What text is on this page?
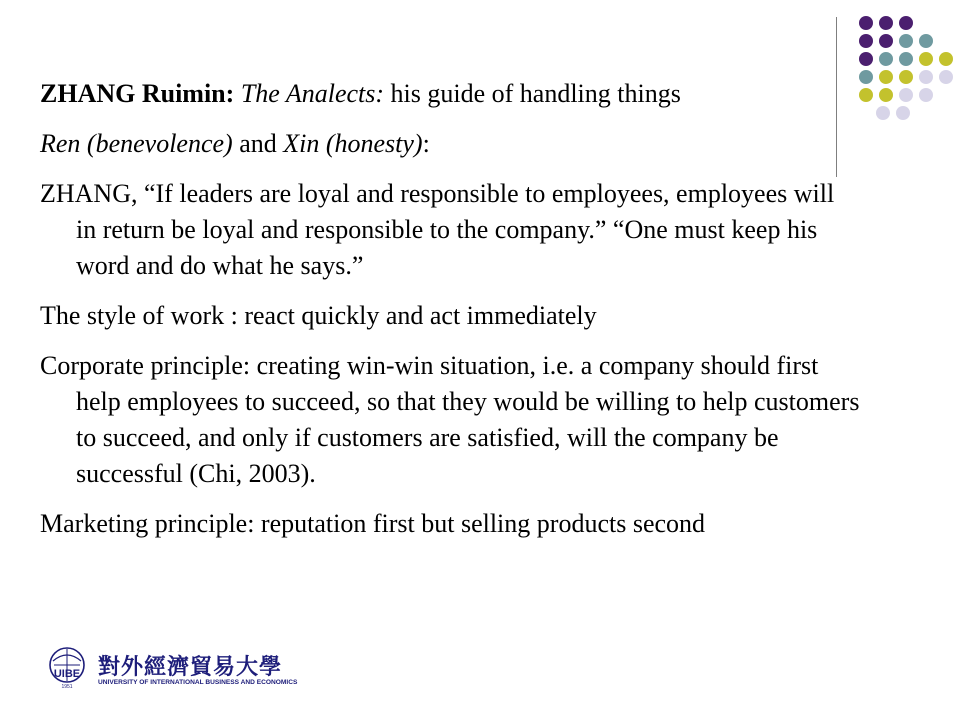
ZHANG Ruimin: The Analects: his guide of handling things
Ren (benevolence) and Xin (honesty):
ZHANG, “If leaders are loyal and responsible to employees, employees will in return be loyal and responsible to the company.” “One must keep his word and do what he says.”
The style of work : react quickly and act immediately
Corporate principle: creating win-win situation, i.e. a company should first help employees to succeed, so that they would be willing to help customers to succeed, and only if customers are satisfied, will the company be successful (Chi, 2003).
Marketing principle: reputation first but selling products second
UIBE
1951
對外經濟貿易大學
UNIVERSITY OF INTERNATIONAL BUSINESS AND ECONOMICS
